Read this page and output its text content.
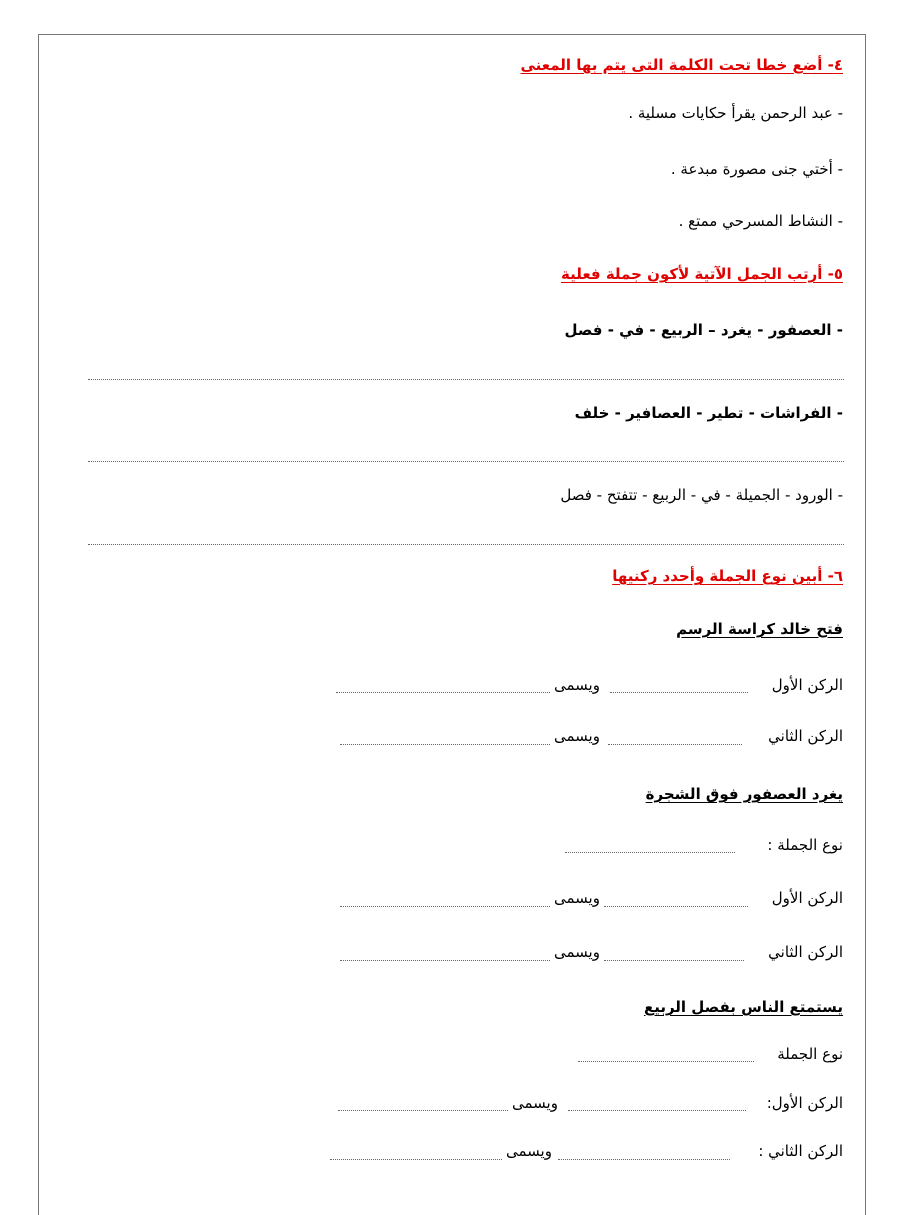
٤- أضع خطا تحت الكلمة التى يتم بها المعنى
- عبد الرحمن يقرأ حكايات مسلية .
- أختي جنى مصورة مبدعة .
- النشاط المسرحي ممتع .
٥- أرتب الجمل الآتية لأكون جملة فعلية
- العصفور - يغرد – الربيع - في - فصل
- الفراشات - تطير - العصافير - خلف
- الورود - الجميلة - في - الربيع - تتفتح - فصل
٦- أبين نوع الجملة وأحدد ركنيها
فتح خالد كراسة الرسم
الركن الأول
ويسمى
الركن الثاني
ويسمى
يغرد العصفور فوق الشجرة
نوع الجملة :
الركن الأول
ويسمى
الركن الثاني
ويسمى
يستمتع الناس بفصل الربيع
نوع الجملة
الركن الأول:
ويسمى
الركن الثاني :
ويسمى
